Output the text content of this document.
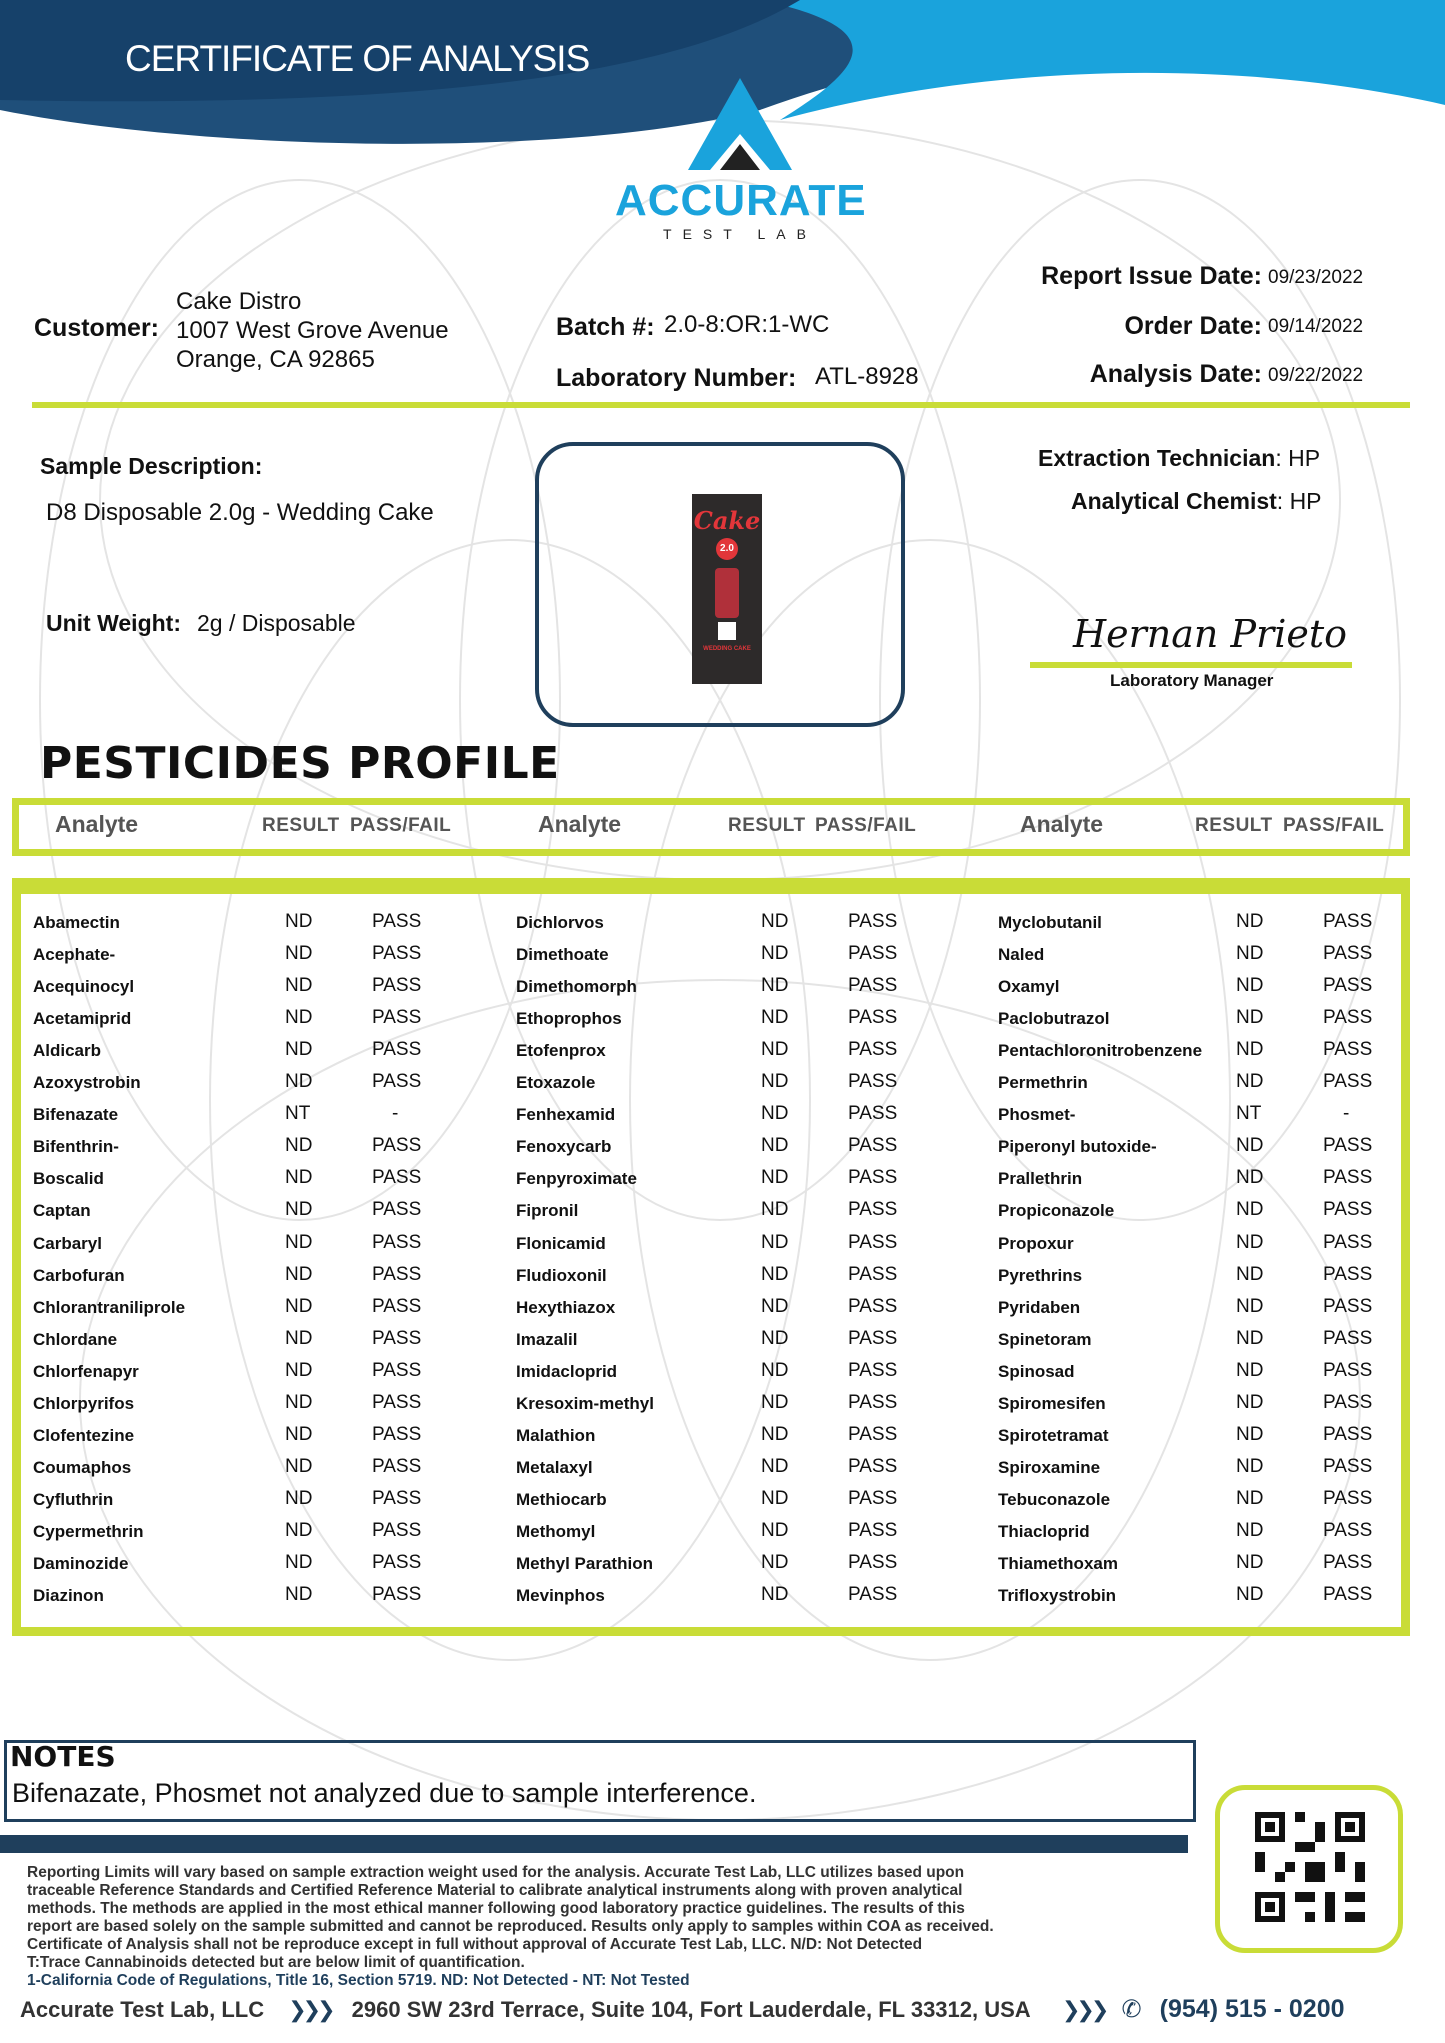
CERTIFICATE OF ANALYSIS
ACCURATE
TEST LAB
Customer:
Cake Distro
1007 West Grove Avenue
Orange, CA 92865
Batch #: 2.0-8:OR:1-WC
Laboratory Number: ATL-8928
Report Issue Date: 09/23/2022
Order Date: 09/14/2022
Analysis Date: 09/22/2022
Sample Description:
D8 Disposable 2.0g - Wedding Cake
Unit Weight: 2g / Disposable
Cake
2.0
WEDDING CAKE
Extraction Technician: HP
Analytical Chemist: HP
Hernan Prieto
Laboratory Manager
PESTICIDES PROFILE
Analyte	RESULT PASS/FAIL	Analyte	RESULT PASS/FAIL	Analyte	RESULT PASS/FAIL
Abamectin	ND	PASS
Acephate-	ND	PASS
Acequinocyl	ND	PASS
Acetamiprid	ND	PASS
Aldicarb	ND	PASS
Azoxystrobin	ND	PASS
Bifenazate	NT	-
Bifenthrin-	ND	PASS
Boscalid	ND	PASS
Captan	ND	PASS
Carbaryl	ND	PASS
Carbofuran	ND	PASS
Chlorantraniliprole	ND	PASS
Chlordane	ND	PASS
Chlorfenapyr	ND	PASS
Chlorpyrifos	ND	PASS
Clofentezine	ND	PASS
Coumaphos	ND	PASS
Cyfluthrin	ND	PASS
Cypermethrin	ND	PASS
Daminozide	ND	PASS
Diazinon	ND	PASS
Dichlorvos	ND	PASS
Dimethoate	ND	PASS
Dimethomorph	ND	PASS
Ethoprophos	ND	PASS
Etofenprox	ND	PASS
Etoxazole	ND	PASS
Fenhexamid	ND	PASS
Fenoxycarb	ND	PASS
Fenpyroximate	ND	PASS
Fipronil	ND	PASS
Flonicamid	ND	PASS
Fludioxonil	ND	PASS
Hexythiazox	ND	PASS
Imazalil	ND	PASS
Imidacloprid	ND	PASS
Kresoxim-methyl	ND	PASS
Malathion	ND	PASS
Metalaxyl	ND	PASS
Methiocarb	ND	PASS
Methomyl	ND	PASS
Methyl Parathion	ND	PASS
Mevinphos	ND	PASS
Myclobutanil	ND	PASS
Naled	ND	PASS
Oxamyl	ND	PASS
Paclobutrazol	ND	PASS
Pentachloronitrobenzene ND	PASS
Permethrin	ND	PASS
Phosmet-	NT	-
Piperonyl butoxide-	ND	PASS
Prallethrin	ND	PASS
Propiconazole	ND	PASS
Propoxur	ND	PASS
Pyrethrins	ND	PASS
Pyridaben	ND	PASS
Spinetoram	ND	PASS
Spinosad	ND	PASS
Spiromesifen	ND	PASS
Spirotetramat	ND	PASS
Spiroxamine	ND	PASS
Tebuconazole	ND	PASS
Thiacloprid	ND	PASS
Thiamethoxam	ND	PASS
Trifloxystrobin	ND	PASS
NOTES
Bifenazate, Phosmet not analyzed due to sample interference.
Reporting Limits will vary based on sample extraction weight used for the analysis. Accurate Test Lab, LLC utilizes based upon
traceable Reference Standards and Certified Reference Material to calibrate analytical instruments along with proven analytical
methods. The methods are applied in the most ethical manner following good laboratory practice guidelines. The results of this
report are based solely on the sample submitted and cannot be reproduced. Results only apply to samples within COA as received.
Certificate of Analysis shall not be reproduce except in full without approval of Accurate Test Lab, LLC. N/D: Not Detected
T:Trace Cannabinoids detected but are below limit of quantification.
1-California Code of Regulations, Title 16, Section 5719. ND: Not Detected - NT: Not Tested
Accurate Test Lab, LLC ❯❯❯ 2960 SW 23rd Terrace, Suite 104, Fort Lauderdale, FL 33312, USA ❯❯❯ ✆ (954) 515 - 0200
